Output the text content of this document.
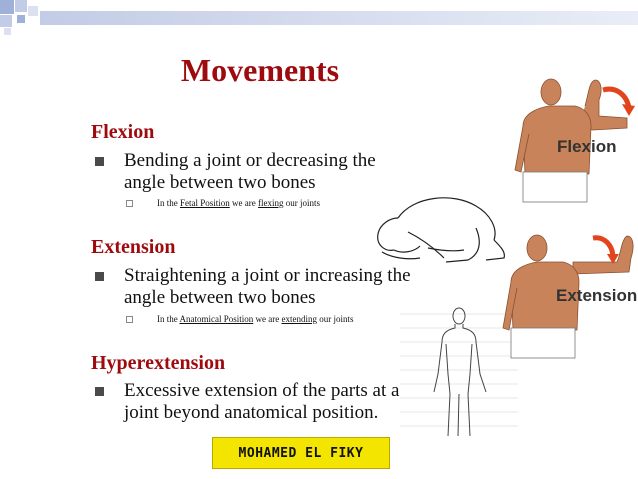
Movements
Flexion
Bending a joint or decreasing the
angle between two bones
In the Fetal Position we are flexing our joints
Extension
Straightening a joint or increasing the
angle between two bones
In the Anatomical Position we are extending our joints
Hyperextension
Excessive extension of the parts at a
joint beyond anatomical position.
Flexion
Extension
MOHAMED EL FIKY
